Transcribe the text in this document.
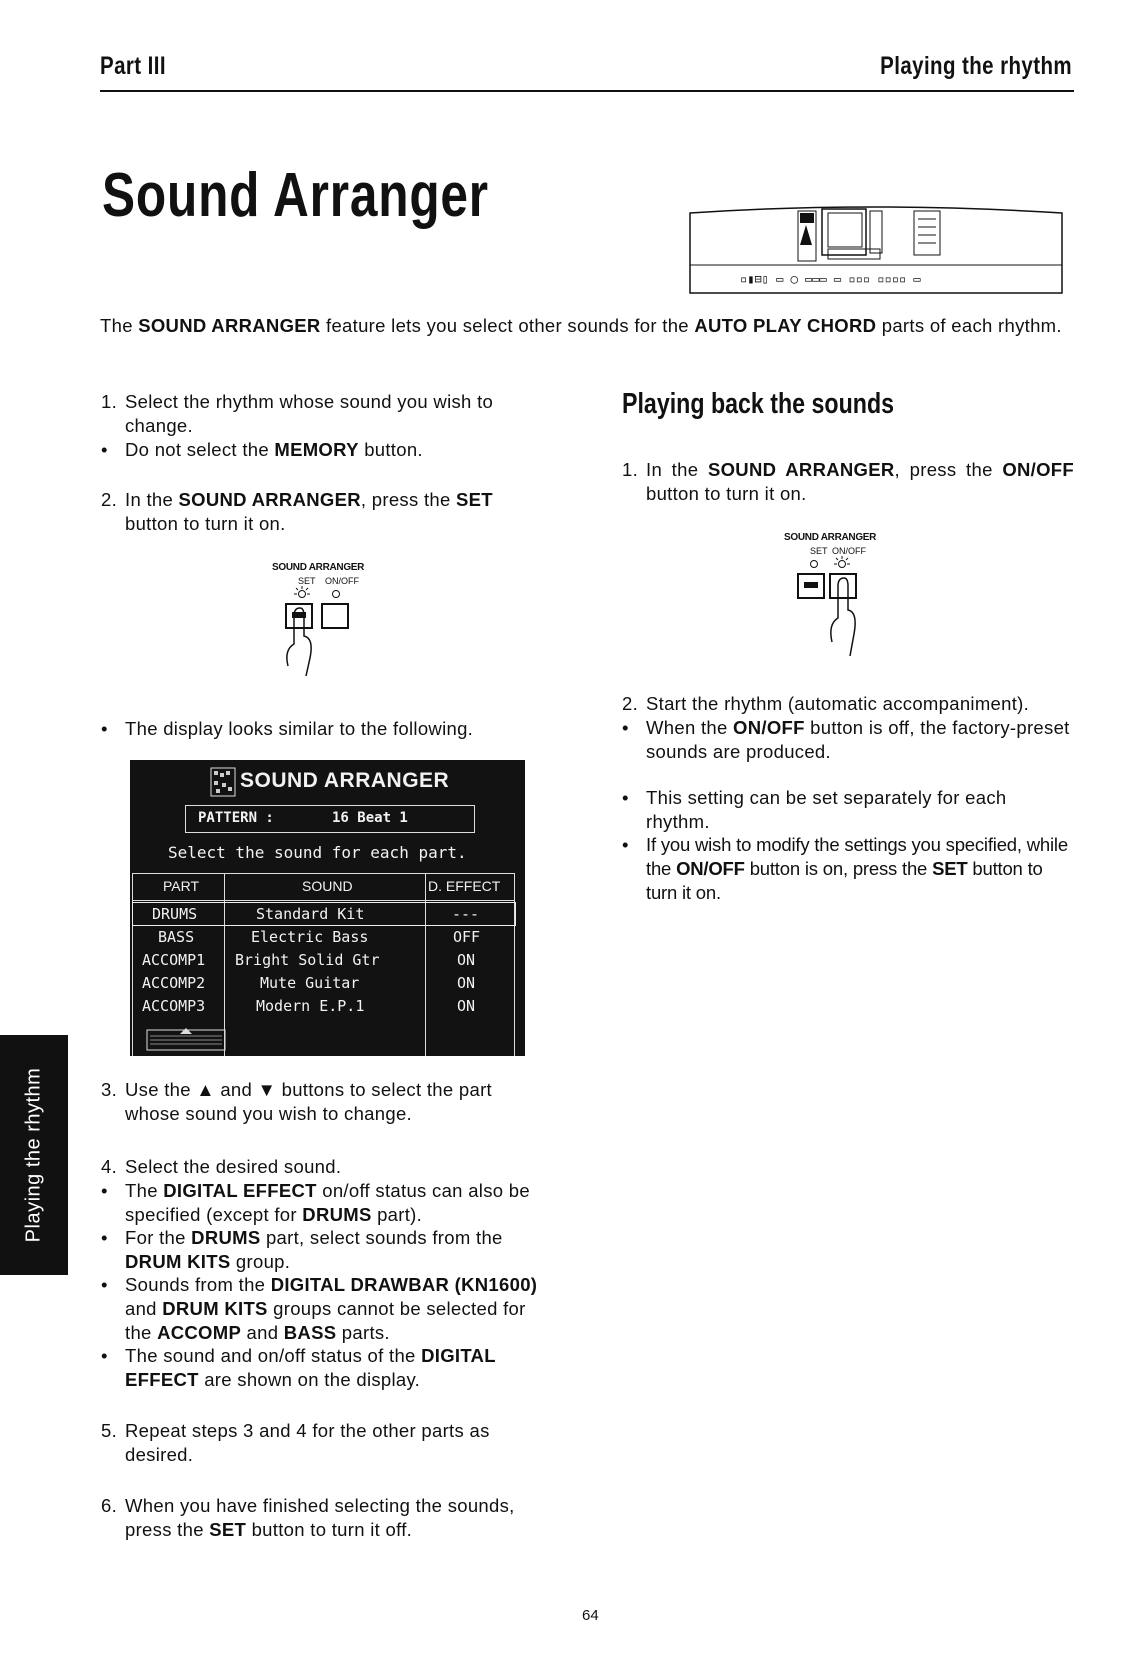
Part III	Playing the rhythm
Sound Arranger
▫▮⊟▯ ▭ ◯ ▭▭▭ ▭ ▫▫▫ ▫▫▫▫ ▭
The SOUND ARRANGER feature lets you select other sounds for the AUTO PLAY CHORD parts of each rhythm.
1. Select the rhythm whose sound you wish to change.
• Do not select the MEMORY button.
2. In the SOUND ARRANGER, press the SET button to turn it on.
SOUND ARRANGER
SET ON/OFF
• The display looks similar to the following.
SOUND ARRANGER
PATTERN :	16 Beat 1
Select the sound for each part.
PART	SOUND	D. EFFECT
DRUMS	Standard Kit	---
BASS	Electric Bass	OFF
ACCOMP1 Bright Solid Gtr	ON
ACCOMP2	Mute Guitar	ON
ACCOMP3	Modern E.P.1	ON
3. Use the ▲ and ▼ buttons to select the part whose sound you wish to change.
4. Select the desired sound.
• The DIGITAL EFFECT on/off status can also be specified (except for DRUMS part).
• For the DRUMS part, select sounds from the DRUM KITS group.
• Sounds from the DIGITAL DRAWBAR (KN1600) and DRUM KITS groups cannot be selected for the ACCOMP and BASS parts.
• The sound and on/off status of the DIGITAL EFFECT are shown on the display.
5. Repeat steps 3 and 4 for the other parts as desired.
6. When you have finished selecting the sounds, press the SET button to turn it off.
Playing back the sounds
1. In the SOUND ARRANGER, press the ON/OFF button to turn it on.
SOUND ARRANGER
SET ON/OFF
2. Start the rhythm (automatic accompaniment).
• When the ON/OFF button is off, the factory-preset sounds are produced.
• This setting can be set separately for each rhythm.
• If you wish to modify the settings you specified, while the ON/OFF button is on, press the SET button to turn it on.
Playing the rhythm
64
